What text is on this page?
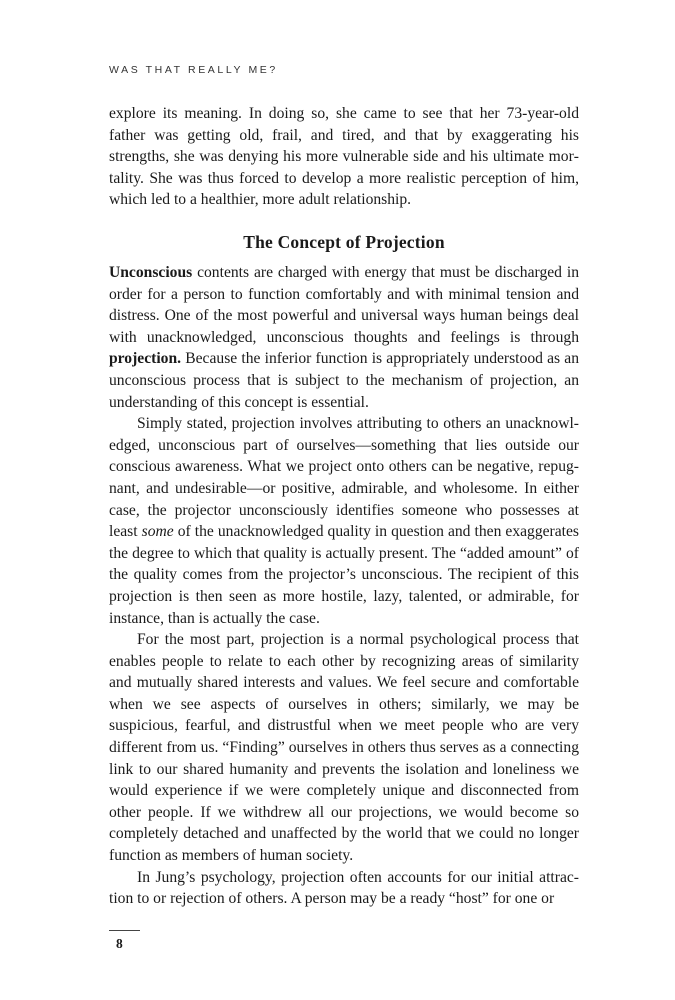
WAS THAT REALLY ME?

explore its meaning. In doing so, she came to see that her 73-year-old father was getting old, frail, and tired, and that by exaggerating his strengths, she was denying his more vulnerable side and his ultimate mortality. She was thus forced to develop a more realistic perception of him, which led to a healthier, more adult relationship.

The Concept of Projection

Unconscious contents are charged with energy that must be discharged in order for a person to function comfortably and with minimal tension and distress. One of the most powerful and universal ways human beings deal with unacknowledged, unconscious thoughts and feelings is through projection. Because the inferior function is appropriately understood as an unconscious process that is subject to the mechanism of projection, an understanding of this concept is essential.

Simply stated, projection involves attributing to others an unacknowledged, unconscious part of ourselves—something that lies outside our conscious awareness. What we project onto others can be negative, repugnant, and undesirable—or positive, admirable, and wholesome. In either case, the projector unconsciously identifies someone who possesses at least some of the unacknowledged quality in question and then exaggerates the degree to which that quality is actually present. The “added amount” of the quality comes from the projector’s unconscious. The recipient of this projection is then seen as more hostile, lazy, talented, or admirable, for instance, than is actually the case.

For the most part, projection is a normal psychological process that enables people to relate to each other by recognizing areas of similarity and mutually shared interests and values. We feel secure and comfortable when we see aspects of ourselves in others; similarly, we may be suspicious, fearful, and distrustful when we meet people who are very different from us. “Finding” ourselves in others thus serves as a connecting link to our shared humanity and prevents the isolation and loneliness we would experience if we were completely unique and disconnected from other people. If we withdrew all our projections, we would become so completely detached and unaffected by the world that we could no longer function as members of human society.

In Jung’s psychology, projection often accounts for our initial attraction to or rejection of others. A person may be a ready “host” for one or

8
